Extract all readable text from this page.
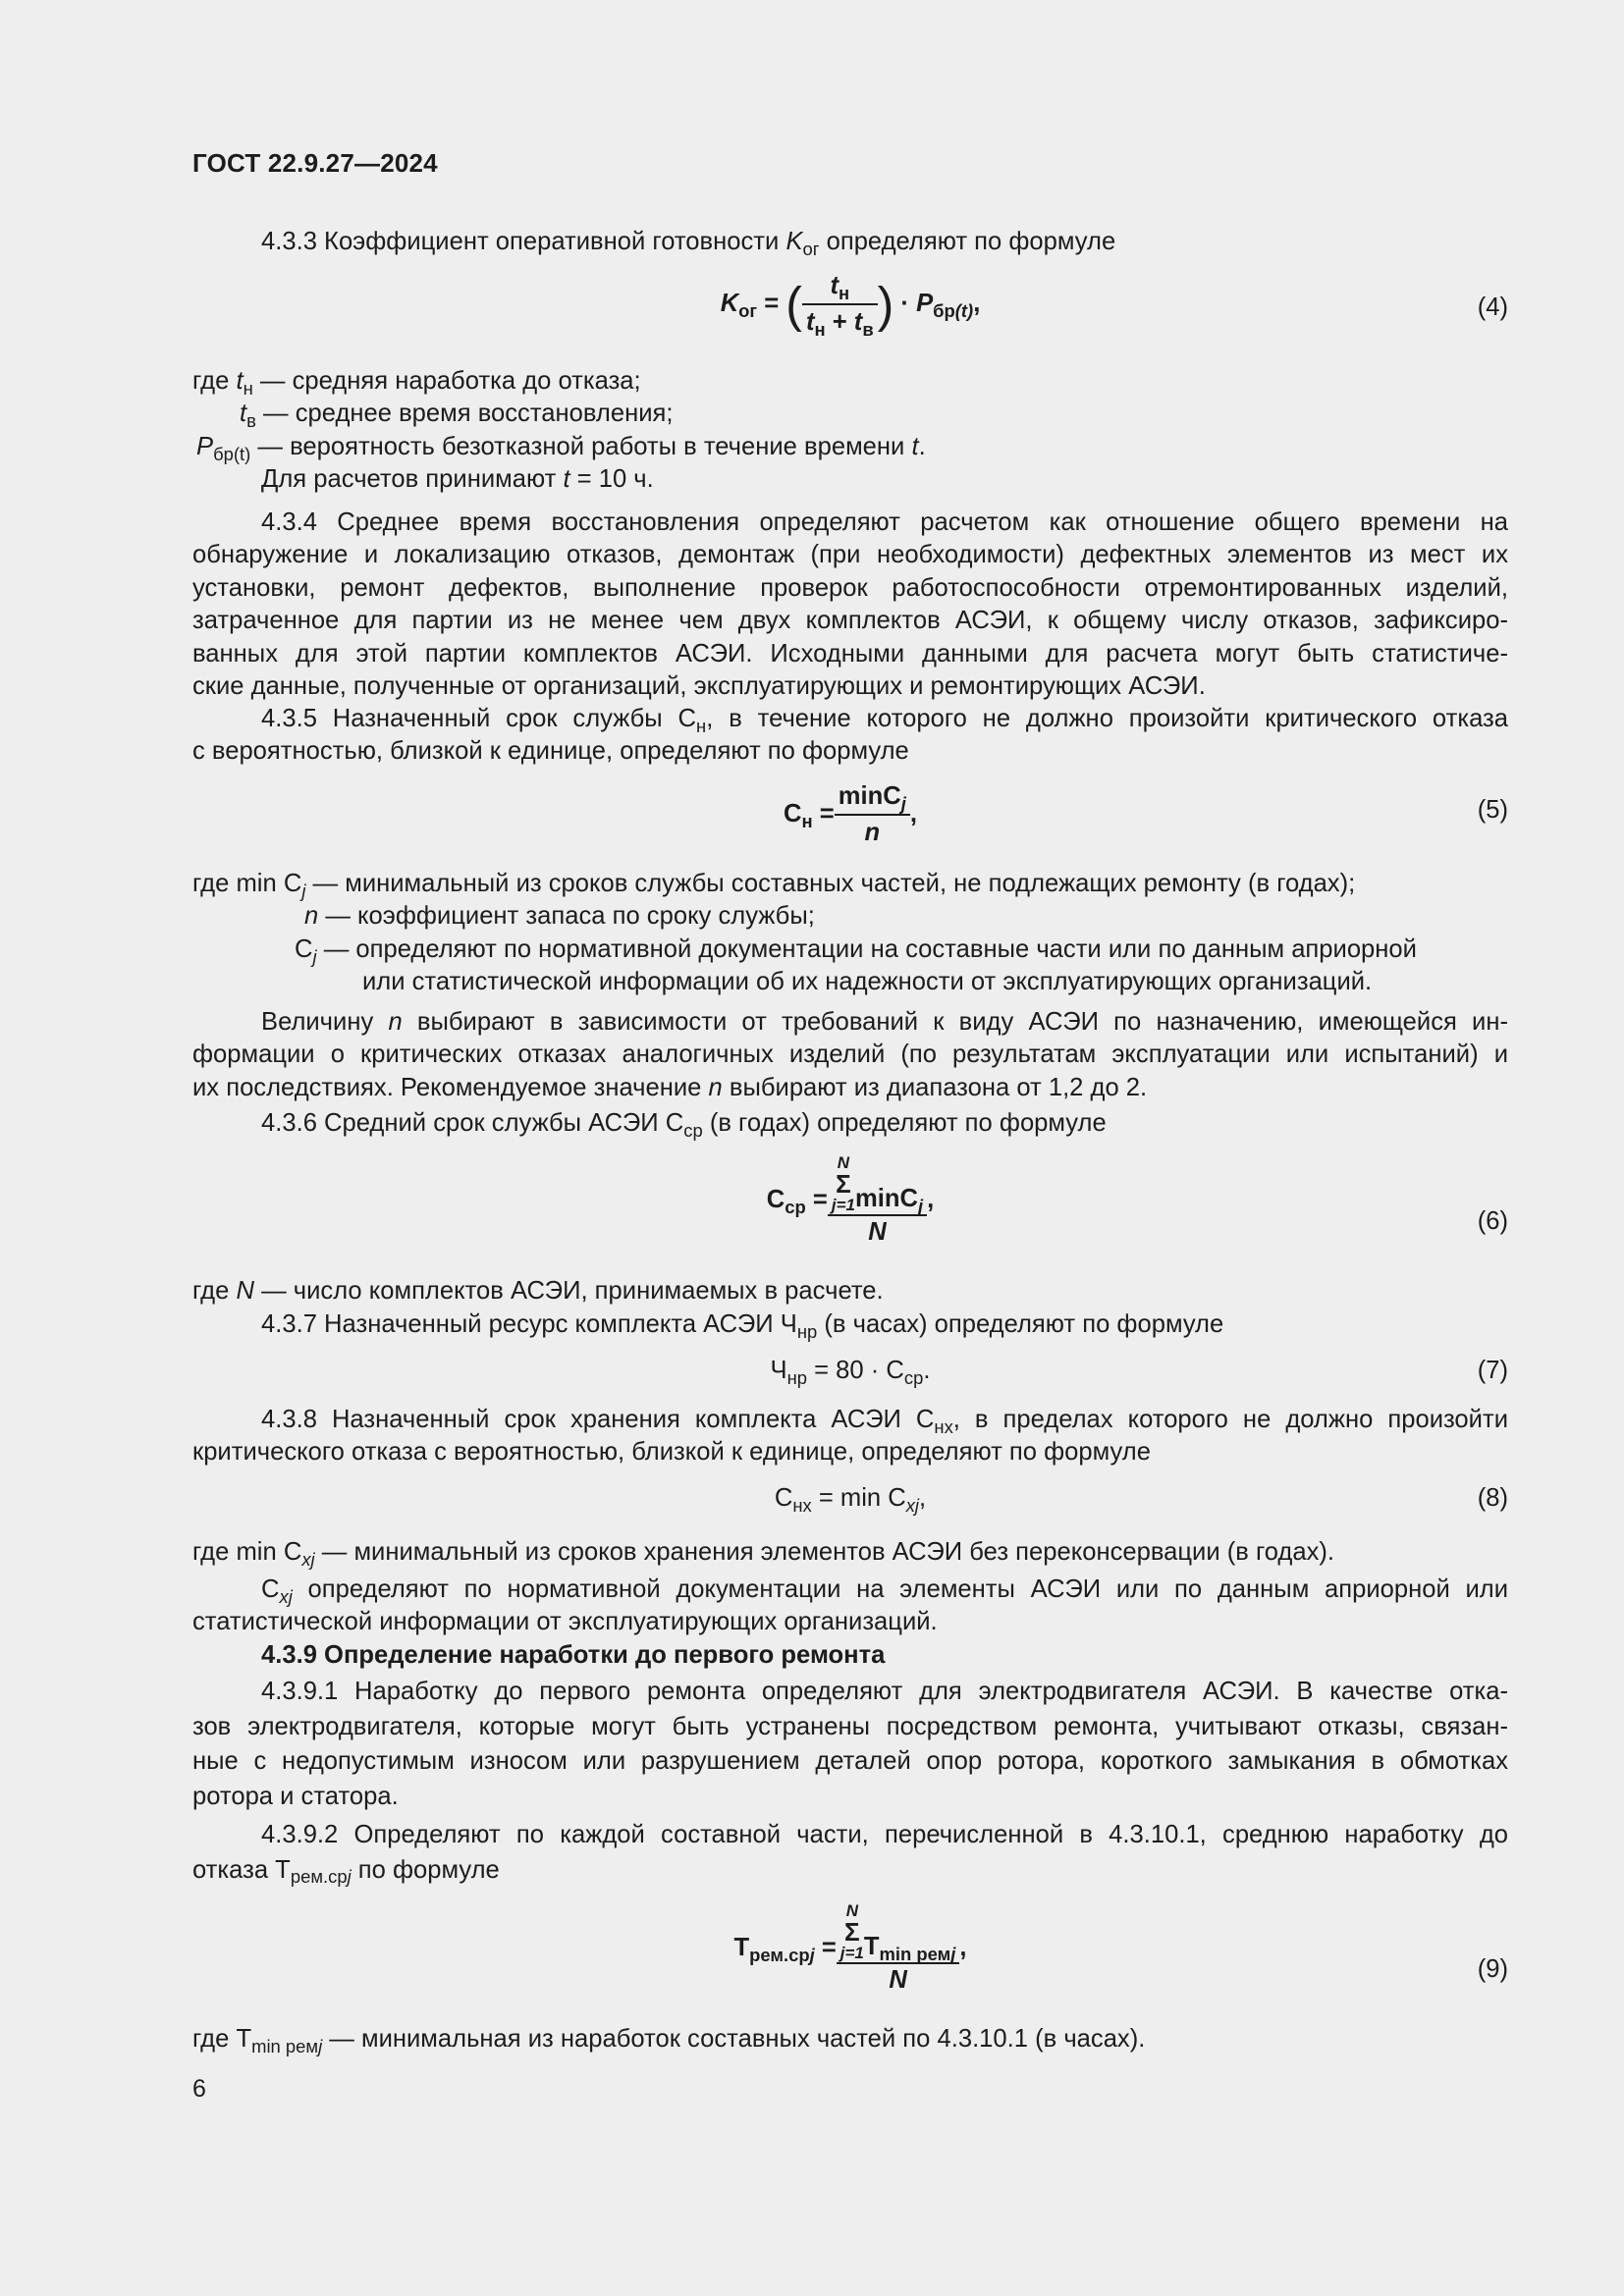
ГОСТ 22.9.27—2024

4.3.3 Коэффициент оперативной готовности $K_{ог}$ определяют по формуле

$K_{ог}$ = ( $\frac{t_н}{t_н + t_в}$ ) · $P_{бр(t)}$,	(4)
где $t_н$ — средняя наработка до отказа;
$t_в$ — среднее время восстановления;
$P_{бр(t)}$ — вероятность безотказной работы в течение времени t.
Для расчетов принимают t = 10 ч.
4.3.4 Среднее время восстановления определяют расчетом как отношение общего времени на
обнаружение и локализацию отказов, демонтаж (при необходимости) дефектных элементов из мест их
установки, ремонт дефектов, выполнение проверок работоспособности отремонтированных изделий,
затраченное для партии из не менее чем двух комплектов АСЭИ, к общему числу отказов, зафиксиро-
ванных для этой партии комплектов АСЭИ. Исходными данными для расчета могут быть статистиче-
ские данные, полученные от организаций, эксплуатирующих и ремонтирующих АСЭИ.
4.3.5 Назначенный срок службы $С_н$, в течение которого не должно произойти критического отказа
с вероятностью, близкой к единице, определяют по формуле
$С_н = \frac{\min C_j}{n}$ ,	(5)
где $\min C_j$ — минимальный из сроков службы составных частей, не подлежащих ремонту (в годах);
n — коэффициент запаса по сроку службы;
$C_j$ — определяют по нормативной документации на составные части или по данным априорной
или статистической информации об их надежности от эксплуатирующих организаций.
Величину n выбирают в зависимости от требований к виду АСЭИ по назначению, имеющейся ин-
формации о критических отказах аналогичных изделий (по результатам эксплуатации или испытаний) и
их последствиях. Рекомендуемое значение n выбирают из диапазона от 1,2 до 2.
4.3.6 Средний срок службы АСЭИ $С_{ср}$ (в годах) определяют по формуле
$С_{ср} = N$
Σ
j=1 minC$_j$
N ,
(6)
где N — число комплектов АСЭИ, принимаемых в расчете.
4.3.7 Назначенный ресурс комплекта АСЭИ $Ч_{нр}$ (в часах) определяют по формуле
$Ч_{нр} = 80 \cdot С_{ср}$.	(7)
4.3.8 Назначенный срок хранения комплекта АСЭИ $С_{нх}$, в пределах которого не должно произойти
критического отказа с вероятностью, близкой к единице, определяют по формуле
$С_{нх} = \min C_{xj}$,	(8)
где $\min C_{xj}$ — минимальный из сроков хранения элементов АСЭИ без переконсервации (в годах).
$C_{xj}$ определяют по нормативной документации на элементы АСЭИ или по данным априорной или
статистической информации от эксплуатирующих организаций.
4.3.9 Определение наработки до первого ремонта
4.3.9.1 Наработку до первого ремонта определяют для электродвигателя АСЭИ. В качестве отка-
зов электродвигателя, которые могут быть устранены посредством ремонта, учитывают отказы, связан-
ные с недопустимым износом или разрушением деталей опор ротора, короткого замыкания в обмотках
ротора и статора.
4.3.9.2 Определяют по каждой составной части, перечисленной в 4.3.10.1, среднюю наработку до
отказа $Т_{рем.срj}$ по формуле
$Т_{рем.срj} = N$
Σ
j=1 $T_{min ремj}$
N ,
(9)
где $Т_{min ремj}$ — минимальная из наработок составных частей по 4.3.10.1 (в часах).
6
